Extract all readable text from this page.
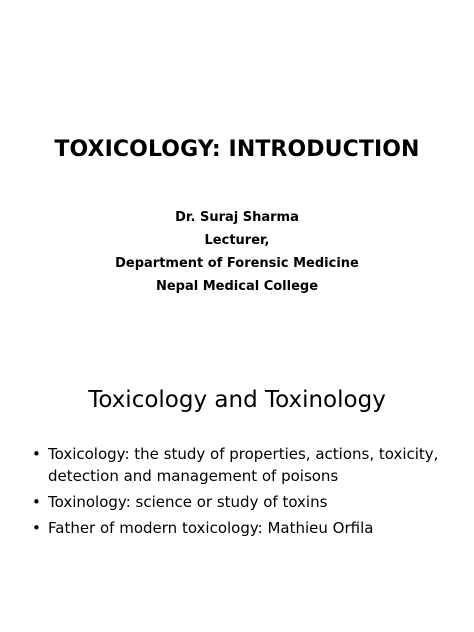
TOXICOLOGY: INTRODUCTION
Dr. Suraj Sharma
Lecturer,
Department of Forensic Medicine
Nepal Medical College
Toxicology and Toxinology
• Toxicology: the study of properties, actions, toxicity, detection and management of poisons
• Toxinology: science or study of toxins
• Father of modern toxicology: Mathieu Orfila
